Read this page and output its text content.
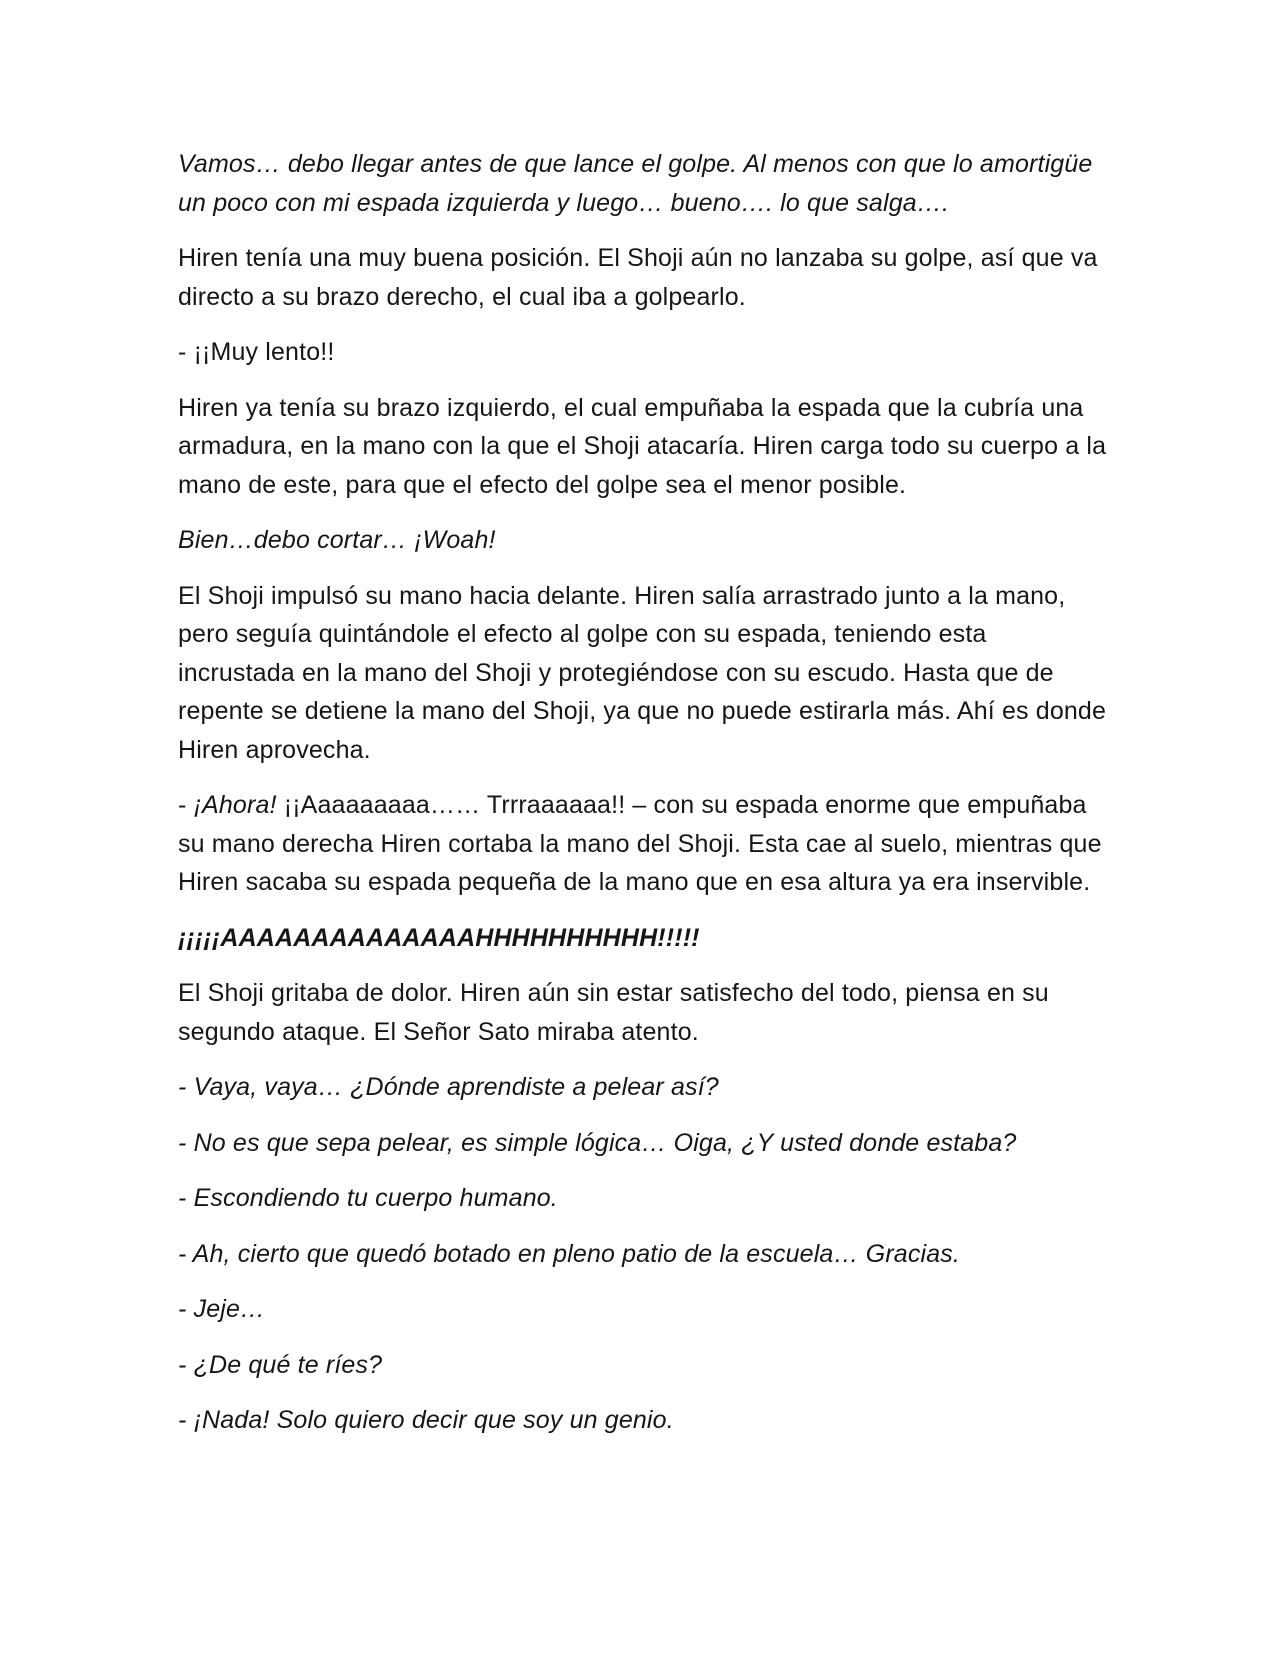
Vamos… debo llegar antes de que lance el golpe. Al menos con que lo amortigüe un poco con mi espada izquierda y luego… bueno…. lo que salga….

Hiren tenía una muy buena posición. El Shoji aún no lanzaba su golpe, así que va directo a su brazo derecho, el cual iba a golpearlo.

- ¡¡Muy lento!!

Hiren ya tenía su brazo izquierdo, el cual empuñaba la espada que la cubría una armadura, en la mano con la que el Shoji atacaría. Hiren carga todo su cuerpo a la mano de este, para que el efecto del golpe sea el menor posible.

Bien…debo cortar… ¡Woah!

El Shoji impulsó su mano hacia delante. Hiren salía arrastrado junto a la mano, pero seguía quintándole el efecto al golpe con su espada, teniendo esta incrustada en la mano del Shoji y protegiéndose con su escudo. Hasta que de repente se detiene la mano del Shoji, ya que no puede estirarla más. Ahí es donde Hiren aprovecha.

- ¡Ahora! ¡¡Aaaaaaaaa…… Trrraaaaaa!! – con su espada enorme que empuñaba su mano derecha Hiren cortaba la mano del Shoji. Esta cae al suelo, mientras que Hiren sacaba su espada pequeña de la mano que en esa altura ya era inservible.

¡¡¡¡¡AAAAAAAAAAAAAAHHHHHHHHHH!!!!!

El Shoji gritaba de dolor. Hiren aún sin estar satisfecho del todo, piensa en su segundo ataque. El Señor Sato miraba atento.

- Vaya, vaya… ¿Dónde aprendiste a pelear así?

- No es que sepa pelear, es simple lógica… Oiga, ¿Y usted donde estaba?

- Escondiendo tu cuerpo humano.

- Ah, cierto que quedó botado en pleno patio de la escuela… Gracias.

- Jeje…

- ¿De qué te ríes?

- ¡Nada! Solo quiero decir que soy un genio.
